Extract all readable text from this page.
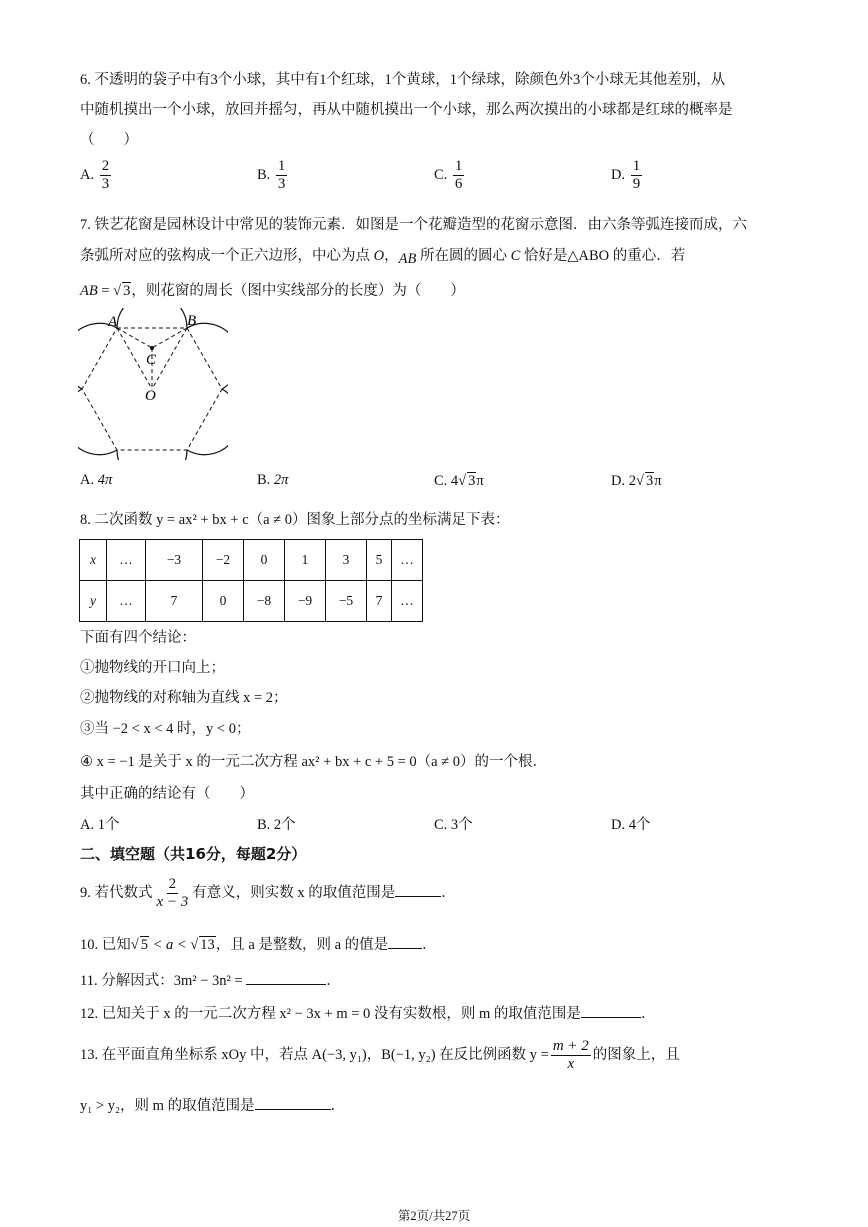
6. 不透明的袋子中有3个小球，其中有1个红球，1个黄球，1个绿球，除颜色外3个小球无其他差别，从
中随机摸出一个小球，放回并摇匀，再从中随机摸出一个小球，那么两次摸出的小球都是红球的概率是
（　　）
A. $\frac{2}{3}$	B. $\frac{1}{3}$	C. $\frac{1}{6}$	D. $\frac{1}{9}$
7. 铁艺花窗是园林设计中常见的装饰元素．如图是一个花瓣造型的花窗示意图．由六条等弧连接而成，六
条弧所对应的弦构成一个正六边形，中心为点 O，AB 所在圆的圆心 C 恰好是△ABO 的重心．若
AB = √ 3，则花窗的周长（图中实线部分的长度）为（　　）
A	B
C
O
A. 4π	B. 2π	C. 4√ 3π	D. 2√ 3π
8. 二次函数 y = ax² + bx + c（a ≠ 0）图象上部分点的坐标满足下表：
x	…	−3	−2	0	1	3	5	…
y	…	7	0	−8	−9	−5	7	…
下面有四个结论：
①抛物线的开口向上；
②抛物线的对称轴为直线 x = 2；
③当 −2 < x < 4 时，y < 0；
④ x = −1 是关于 x 的一元二次方程 ax² + bx + c + 5 = 0（a ≠ 0）的一个根．
其中正确的结论有（　　）
A. 1个	B. 2个	C. 3个	D. 4个
二、填空题（共16分，每题2分）
9. 若代数式 $\frac{2}{x - 3}$ 有意义，则实数 x 的取值范围是	．
10. 已知√ 5 < a < √ 13，且 a 是整数，则 a 的值是 ．
11. 分解因式：3m² − 3n² =	．
12. 已知关于 x 的一元二次方程 x² − 3x + m = 0 没有实数根，则 m 的取值范围是	．
13. 在平面直角坐标系 xOy 中，若点 A(−3, y₁)，B(−1, y₂) 在反比例函数 $y = \frac{m + 2}{x}$ 的图象上，且
y₁ > y₂，则 m 的取值范围是	．
第2页/共27页
